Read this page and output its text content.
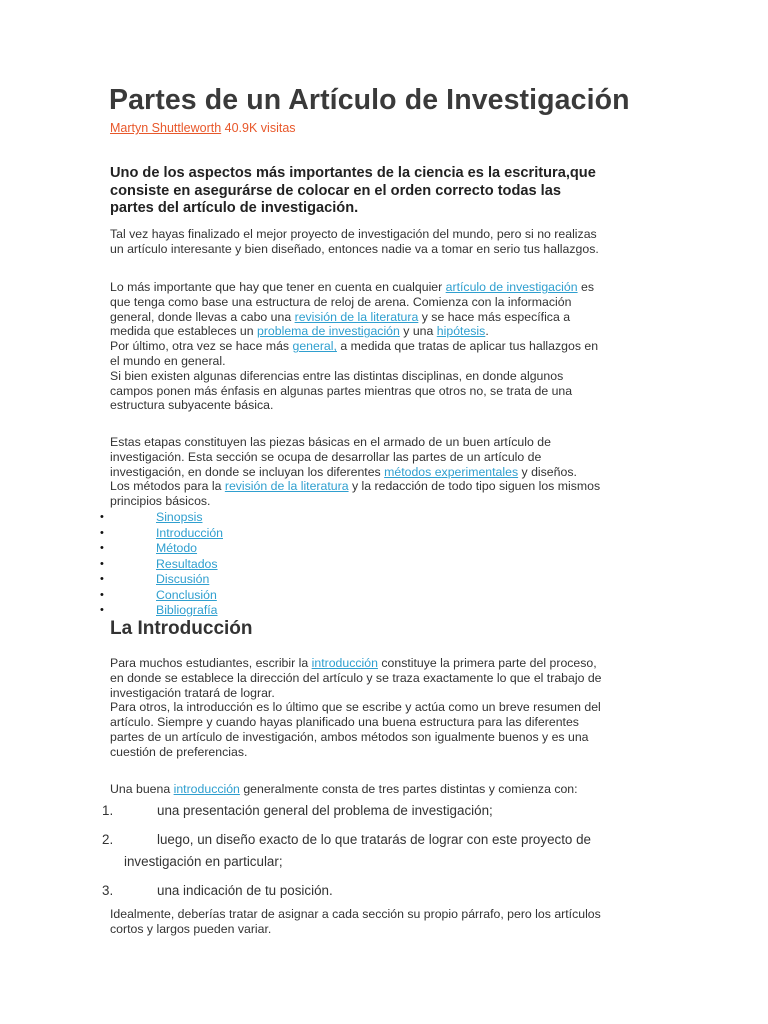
Partes de un Artículo de Investigación
Martyn Shuttleworth 40.9K visitas

Uno de los aspectos más importantes de la ciencia es la escritura,que
consiste en asegurárse de colocar en el orden correcto todas las
partes del artículo de investigación.

Tal vez hayas finalizado el mejor proyecto de investigación del mundo, pero si no realizas
un artículo interesante y bien diseñado, entonces nadie va a tomar en serio tus hallazgos.

Lo más importante que hay que tener en cuenta en cualquier artículo de investigación es
que tenga como base una estructura de reloj de arena. Comienza con la información
general, donde llevas a cabo una revisión de la literatura y se hace más específica a
medida que estableces un problema de investigación y una hipótesis.
Por último, otra vez se hace más general, a medida que tratas de aplicar tus hallazgos en
el mundo en general.
Si bien existen algunas diferencias entre las distintas disciplinas, en donde algunos
campos ponen más énfasis en algunas partes mientras que otros no, se trata de una
estructura subyacente básica.

Estas etapas constituyen las piezas básicas en el armado de un buen artículo de
investigación. Esta sección se ocupa de desarrollar las partes de un artículo de
investigación, en donde se incluyan los diferentes métodos experimentales y diseños.
Los métodos para la revisión de la literatura y la redacción de todo tipo siguen los mismos
principios básicos.

•	Sinopsis
•	Introducción
•	Método
•	Resultados
•	Discusión
•	Conclusión
•	Bibliografía
La Introducción

Para muchos estudiantes, escribir la introducción constituye la primera parte del proceso,
en donde se establece la dirección del artículo y se traza exactamente lo que el trabajo de
investigación tratará de lograr.
Para otros, la introducción es lo último que se escribe y actúa como un breve resumen del
artículo. Siempre y cuando hayas planificado una buena estructura para las diferentes
partes de un artículo de investigación, ambos métodos son igualmente buenos y es una
cuestión de preferencias.

Una buena introducción generalmente consta de tres partes distintas y comienza con:

1.	una presentación general del problema de investigación;
2.	luego, un diseño exacto de lo que tratarás de lograr con este proyecto de
investigación en particular;
3.	una indicación de tu posición.

Idealmente, deberías tratar de asignar a cada sección su propio párrafo, pero los artículos
cortos y largos pueden variar.
